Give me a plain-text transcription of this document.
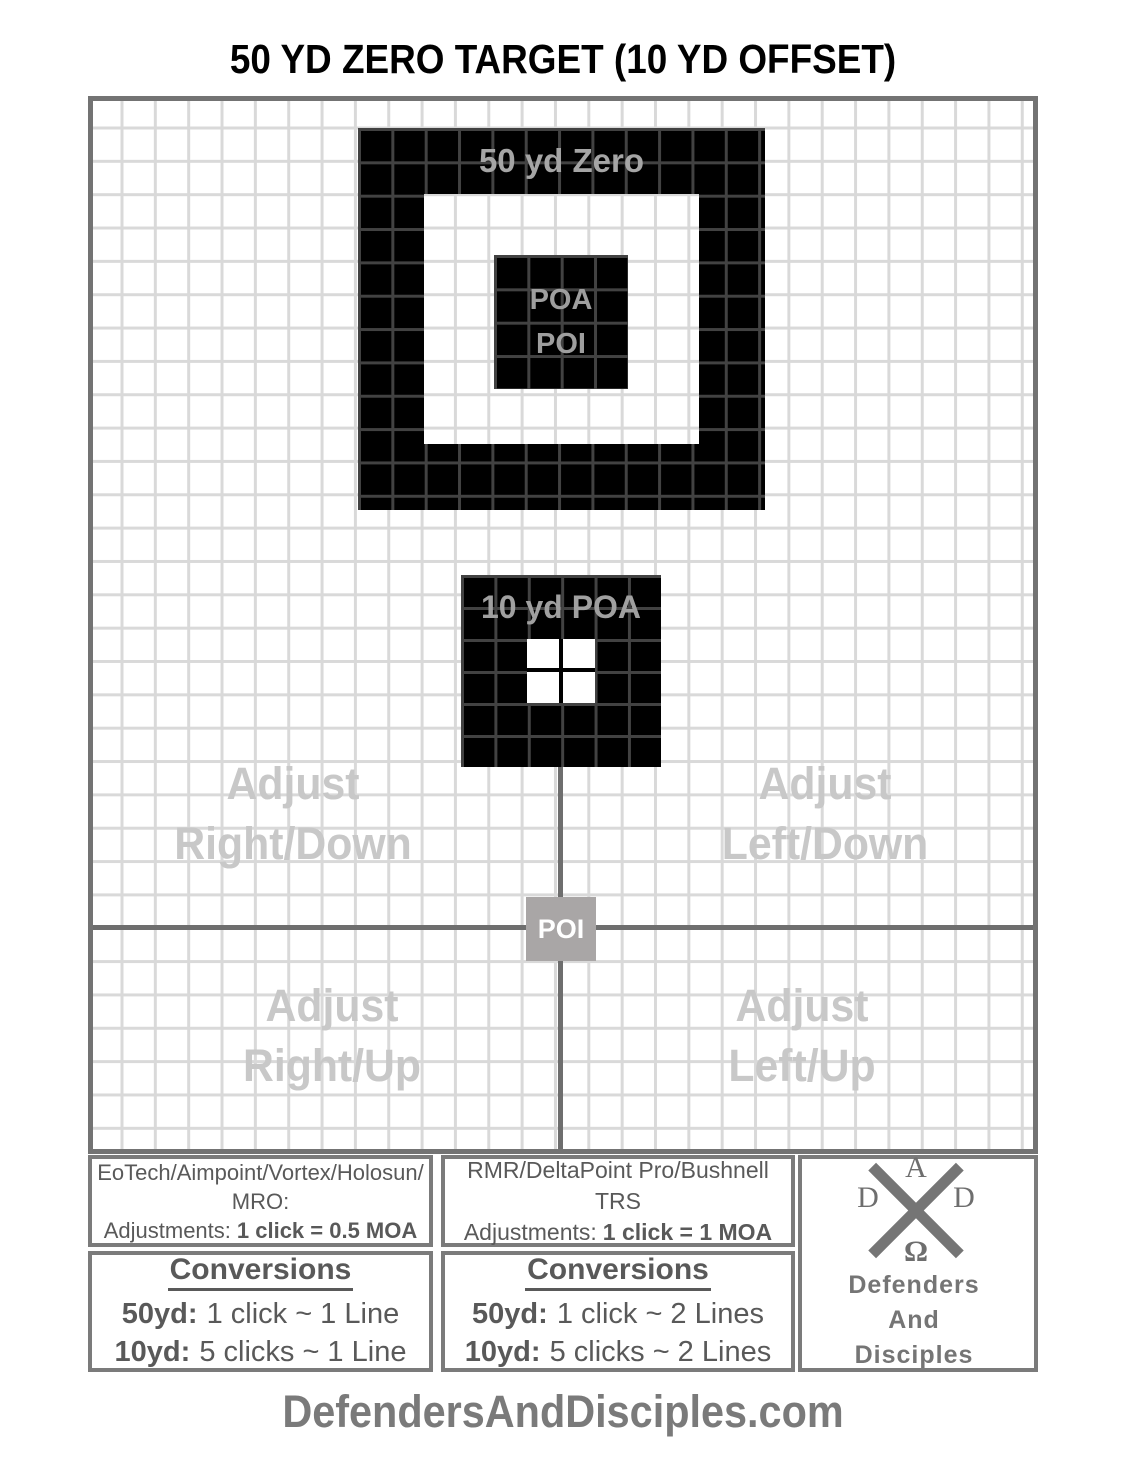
50 YD ZERO TARGET (10 YD OFFSET)
50 yd Zero
POA
POI
10 yd POA
POI
Adjust
Right/Down
Adjust
Left/Down
Adjust
Right/Up
Adjust
Left/Up
EoTech/Aimpoint/Vortex/Holosun/
MRO:
Adjustments: 1 click = 0.5 MOA
RMR/DeltaPoint Pro/Bushnell TRS
Adjustments: 1 click = 1 MOA
Conversions
50yd: 1 click ~ 1 Line
10yd: 5 clicks ~ 1 Line
Conversions
50yd: 1 click ~ 2 Lines
10yd: 5 clicks ~ 2 Lines
A
D	D
Ω
Defenders
And
Disciples
DefendersAndDisciples.com
